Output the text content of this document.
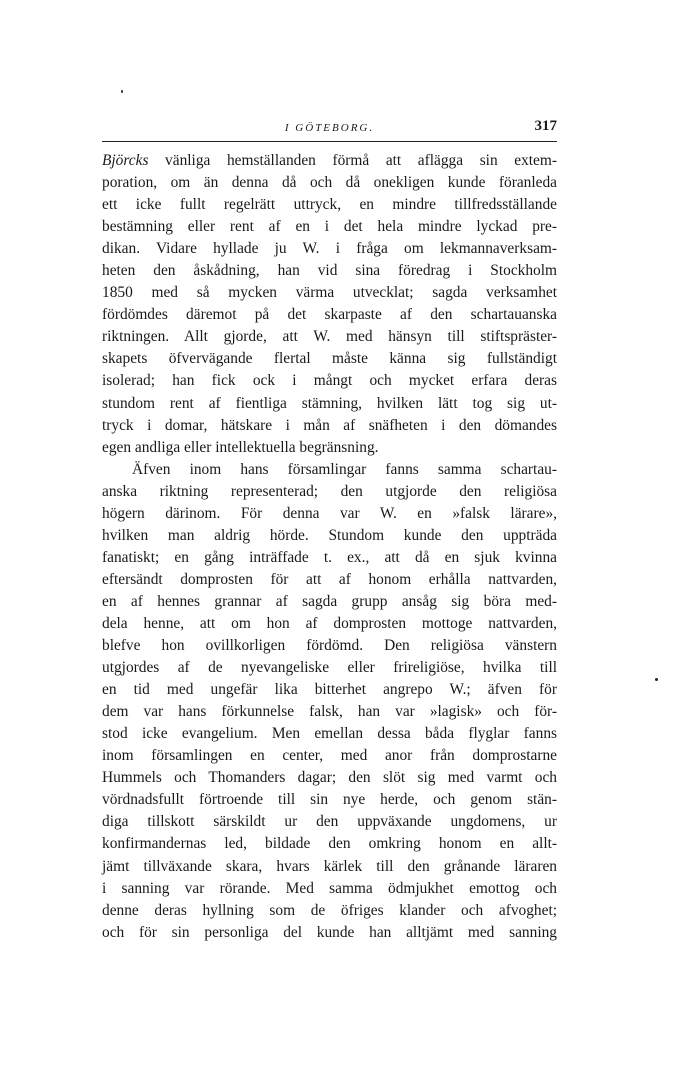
I GÖTEBORG.	317
Björcks vänliga hemställanden förmå att aflägga sin extem-
poration, om än denna då och då onekligen kunde föranleda
ett icke fullt regelrätt uttryck, en mindre tillfredsställande
bestämning eller rent af en i det hela mindre lyckad pre-
dikan. Vidare hyllade ju W. i fråga om lekmannaverksam-
heten den åskådning, han vid sina föredrag i Stockholm
1850 med så mycken värma utvecklat; sagda verksamhet
fördömdes däremot på det skarpaste af den schartauanska
riktningen. Allt gjorde, att W. med hänsyn till stiftspräster-
skapets öfvervägande flertal måste känna sig fullständigt
isolerad; han fick ock i mångt och mycket erfara deras
stundom rent af fientliga stämning, hvilken lätt tog sig ut-
tryck i domar, hätskare i mån af snäfheten i den dömandes
egen andliga eller intellektuella begränsning.
Äfven inom hans församlingar fanns samma schartau-
anska riktning representerad; den utgjorde den religiösa
högern därinom. För denna var W. en »falsk lärare»,
hvilken man aldrig hörde. Stundom kunde den uppträda
fanatiskt; en gång inträffade t. ex., att då en sjuk kvinna
eftersändt domprosten för att af honom erhålla nattvarden,
en af hennes grannar af sagda grupp ansåg sig böra med-
dela henne, att om hon af domprosten mottoge nattvarden,
blefve hon ovillkorligen fördömd. Den religiösa vänstern
utgjordes af de nyevangeliske eller frireligiöse, hvilka till
en tid med ungefär lika bitterhet angrepo W.; äfven för
dem var hans förkunnelse falsk, han var »lagisk» och för-
stod icke evangelium. Men emellan dessa båda flyglar fanns
inom församlingen en center, med anor från domprostarne
Hummels och Thomanders dagar; den slöt sig med varmt och
vördnadsfullt förtroende till sin nye herde, och genom stän-
diga tillskott särskildt ur den uppväxande ungdomens, ur
konfirmandernas led, bildade den omkring honom en allt-
jämt tillväxande skara, hvars kärlek till den grånande läraren
i sanning var rörande. Med samma ödmjukhet emottog och
denne deras hyllning som de öfriges klander och afvoghet;
och för sin personliga del kunde han alltjämt med sanning
